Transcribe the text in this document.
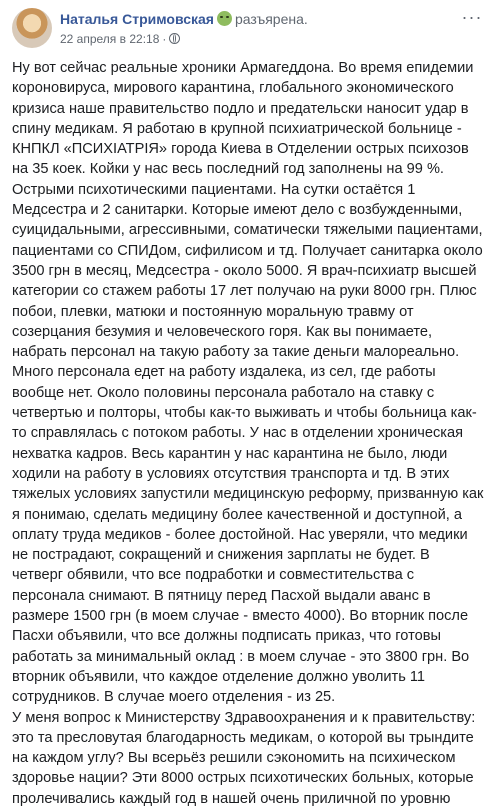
Наталья Стримовская разъярена.
22 апреля в 22:18 ·
···

Ну вот сейчас реальные хроники Армагеддона. Во время епидемии короновируса, мирового карантина, глобального экономического кризиса наше правительство подло и предательски наносит удар в спину медикам. Я работаю в крупной психиатрической больнице - КНПКЛ «ПСИХІАТРІЯ» города Киева в Отделении острых психозов на 35 коек. Койки у нас весь последний год заполнены на 99 %. Острыми психотическими пациентами. На сутки остаётся 1 Медсестра и 2 санитарки. Которые имеют дело с возбужденными, суицидальными, агрессивными, соматически тяжелыми пациентами, пациентами со СПИДом, сифилисом и тд. Получает санитарка около 3500 грн в месяц, Медсестра - около 5000. Я врач-психиатр высшей категории со стажем работы 17 лет получаю на руки 8000 грн. Плюс побои, плевки, матюки и постоянную моральную травму от созерцания безумия и человеческого горя. Как вы понимаете, набрать персонал на такую работу за такие деньги малореально. Много персонала едет на работу издалека, из сел, где работы вообще нет. Около половины персонала работало на ставку с четвертью и полторы, чтобы как-то выживать и чтобы больница как-то справлялась с потоком работы. У нас в отделении хроническая нехватка кадров. Весь карантин у нас карантина не было, люди ходили на работу в условиях отсутствия транспорта и тд. В этих тяжелых условиях запустили медицинскую реформу, призванную как я понимаю, сделать медицину более качественной и доступной, а оплату труда медиков - более достойной. Нас уверяли, что медики не пострадают, сокращений и снижения зарплаты не будет. В четверг обявили, что все подработки и совместительства с персонала снимают. В пятницу перед Пасхой выдали аванс в размере 1500 грн (в моем случае - вместо 4000). Во вторник после Пасхи объявили, что все должны подписать приказ, что готовы работать за минимальный оклад : в моем случае - это 3800 грн. Во вторник объявили, что каждое отделение должно уволить 11 сотрудников. В случае моего отделения - из 25.

У меня вопрос к Министерству Здравоохранения и к правительству: это та пресловутая благодарность медикам, о которой вы трындите на каждом углу? Вы всерьёз решили сэкономить на психическом здоровье нации? Эти 8000 острых психотических больных, которые пролечивались каждый год в нашей очень приличной по уровню
